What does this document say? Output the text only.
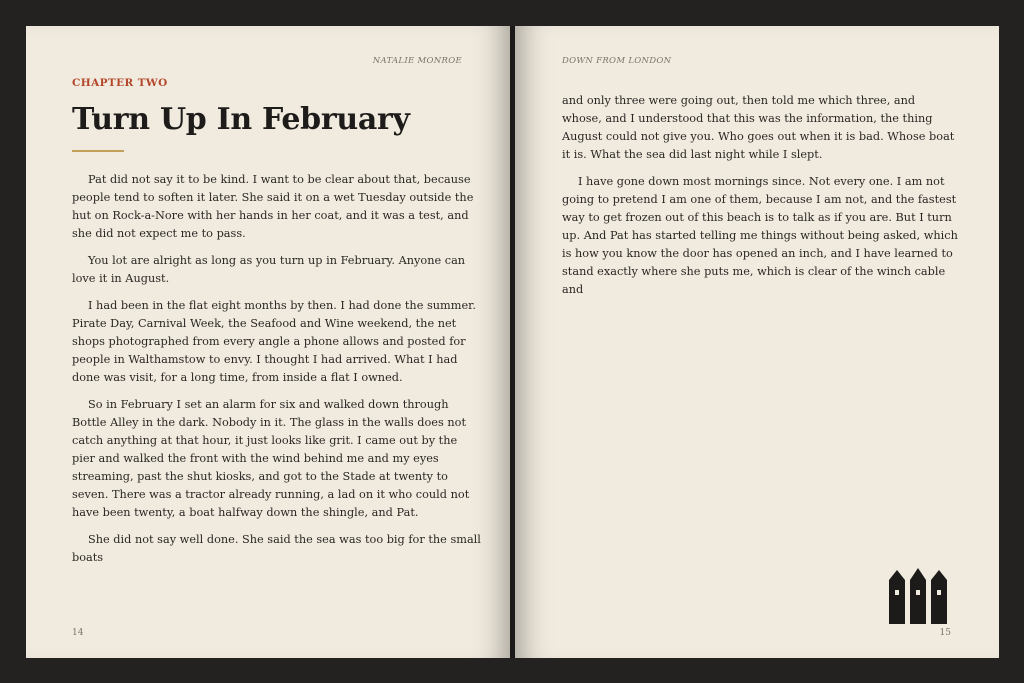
NATALIE MONROE
CHAPTER TWO
Turn Up In February

Pat did not say it to be kind. I want to be clear about that, because people tend to soften it later. She said it on a wet Tuesday outside the hut on Rock-a-Nore with her hands in her coat, and it was a test, and she did not expect me to pass.

You lot are alright as long as you turn up in February. Anyone can love it in August.

I had been in the flat eight months by then. I had done the summer. Pirate Day, Carnival Week, the Seafood and Wine weekend, the net shops photographed from every angle a phone allows and posted for people in Walthamstow to envy. I thought I had arrived. What I had done was visit, for a long time, from inside a flat I owned.

So in February I set an alarm for six and walked down through Bottle Alley in the dark. Nobody in it. The glass in the walls does not catch anything at that hour, it just looks like grit. I came out by the pier and walked the front with the wind behind me and my eyes streaming, past the shut kiosks, and got to the Stade at twenty to seven. There was a tractor already running, a lad on it who could not have been twenty, a boat halfway down the shingle, and Pat.

She did not say well done. She said the sea was too big for the small boats

14
DOWN FROM LONDON

and only three were going out, then told me which three, and whose, and I understood that this was the information, the thing August could not give you. Who goes out when it is bad. Whose boat it is. What the sea did last night while I slept.

I have gone down most mornings since. Not every one. I am not going to pretend I am one of them, because I am not, and the fastest way to get frozen out of this beach is to talk as if you are. But I turn up. And Pat has started telling me things without being asked, which is how you know the door has opened an inch, and I have learned to stand exactly where she puts me, which is clear of the winch cable and

15
